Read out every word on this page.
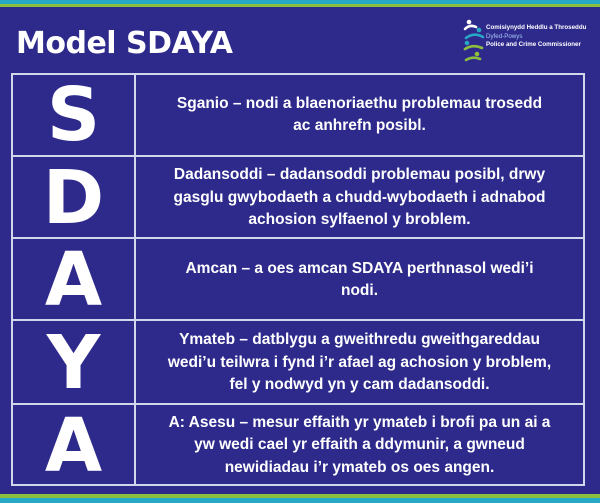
Model SDAYA	Comisiynydd Heddlu a Throseddu
Dyfed-Powys
Police and Crime Commissioner
S	Sganio – nodi a blaenoriaethu problemau trosedd
ac anhrefn posibl.
D	Dadansoddi – dadansoddi problemau posibl, drwy
gasglu gwybodaeth a chudd-wybodaeth i adnabod
achosion sylfaenol y broblem.
A	Amcan – a oes amcan SDAYA perthnasol wedi’i
nodi.
Y	Ymateb – datblygu a gweithredu gweithgareddau
wedi’u teilwra i fynd i’r afael ag achosion y broblem,
fel y nodwyd yn y cam dadansoddi.
A	A: Asesu – mesur effaith yr ymateb i brofi pa un ai a
yw wedi cael yr effaith a ddymunir, a gwneud
newidiadau i’r ymateb os oes angen.
